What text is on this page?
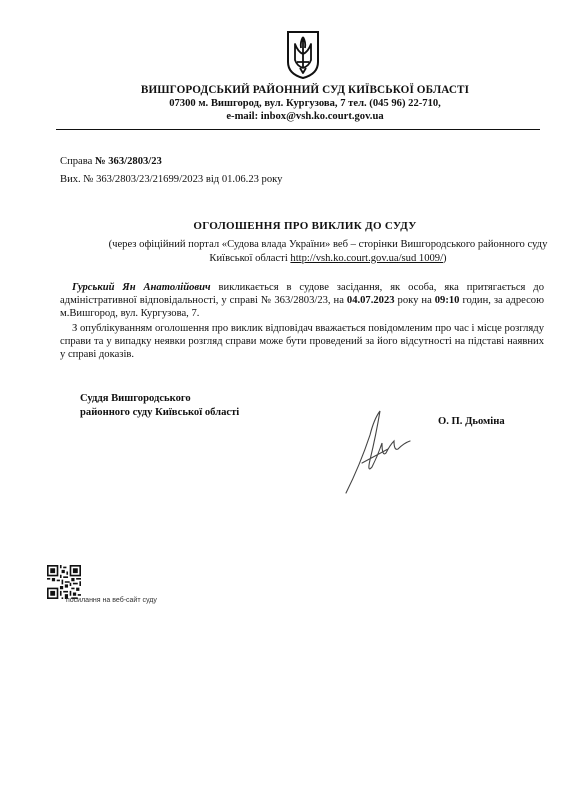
ВИШГОРОДСЬКИЙ РАЙОННИЙ СУД КИЇВСЬКОЇ ОБЛАСТІ
07300 м. Вишгород, вул. Кургузова, 7 тел. (045 96) 22-710,
e-mail: inbox@vsh.ko.court.gov.ua
Справа № 363/2803/23
Вих. № 363/2803/23/21699/2023 від 01.06.23 року
ОГОЛОШЕННЯ ПРО ВИКЛИК ДО СУДУ
(через офіційний портал «Судова влада України» веб – сторінки Вишгородського районного суду Київської області http://vsh.ko.court.gov.ua/sud 1009/)
Гурський Ян Анатолійович викликається в судове засідання, як особа, яка притягається до адміністративної відповідальності, у справі № 363/2803/23, на 04.07.2023 року на 09:10 годин, за адресою м.Вишгород, вул. Кургузова, 7.
З опублікуванням оголошення про виклик відповідач вважається повідомленим про час і місце розгляду справи та у випадку неявки розгляд справи може бути проведений за його відсутності на підставі наявних у справі доказів.
Суддя Вишгородського
районного суду Київської області
О. П. Дьоміна
посилання на веб-сайт суду
